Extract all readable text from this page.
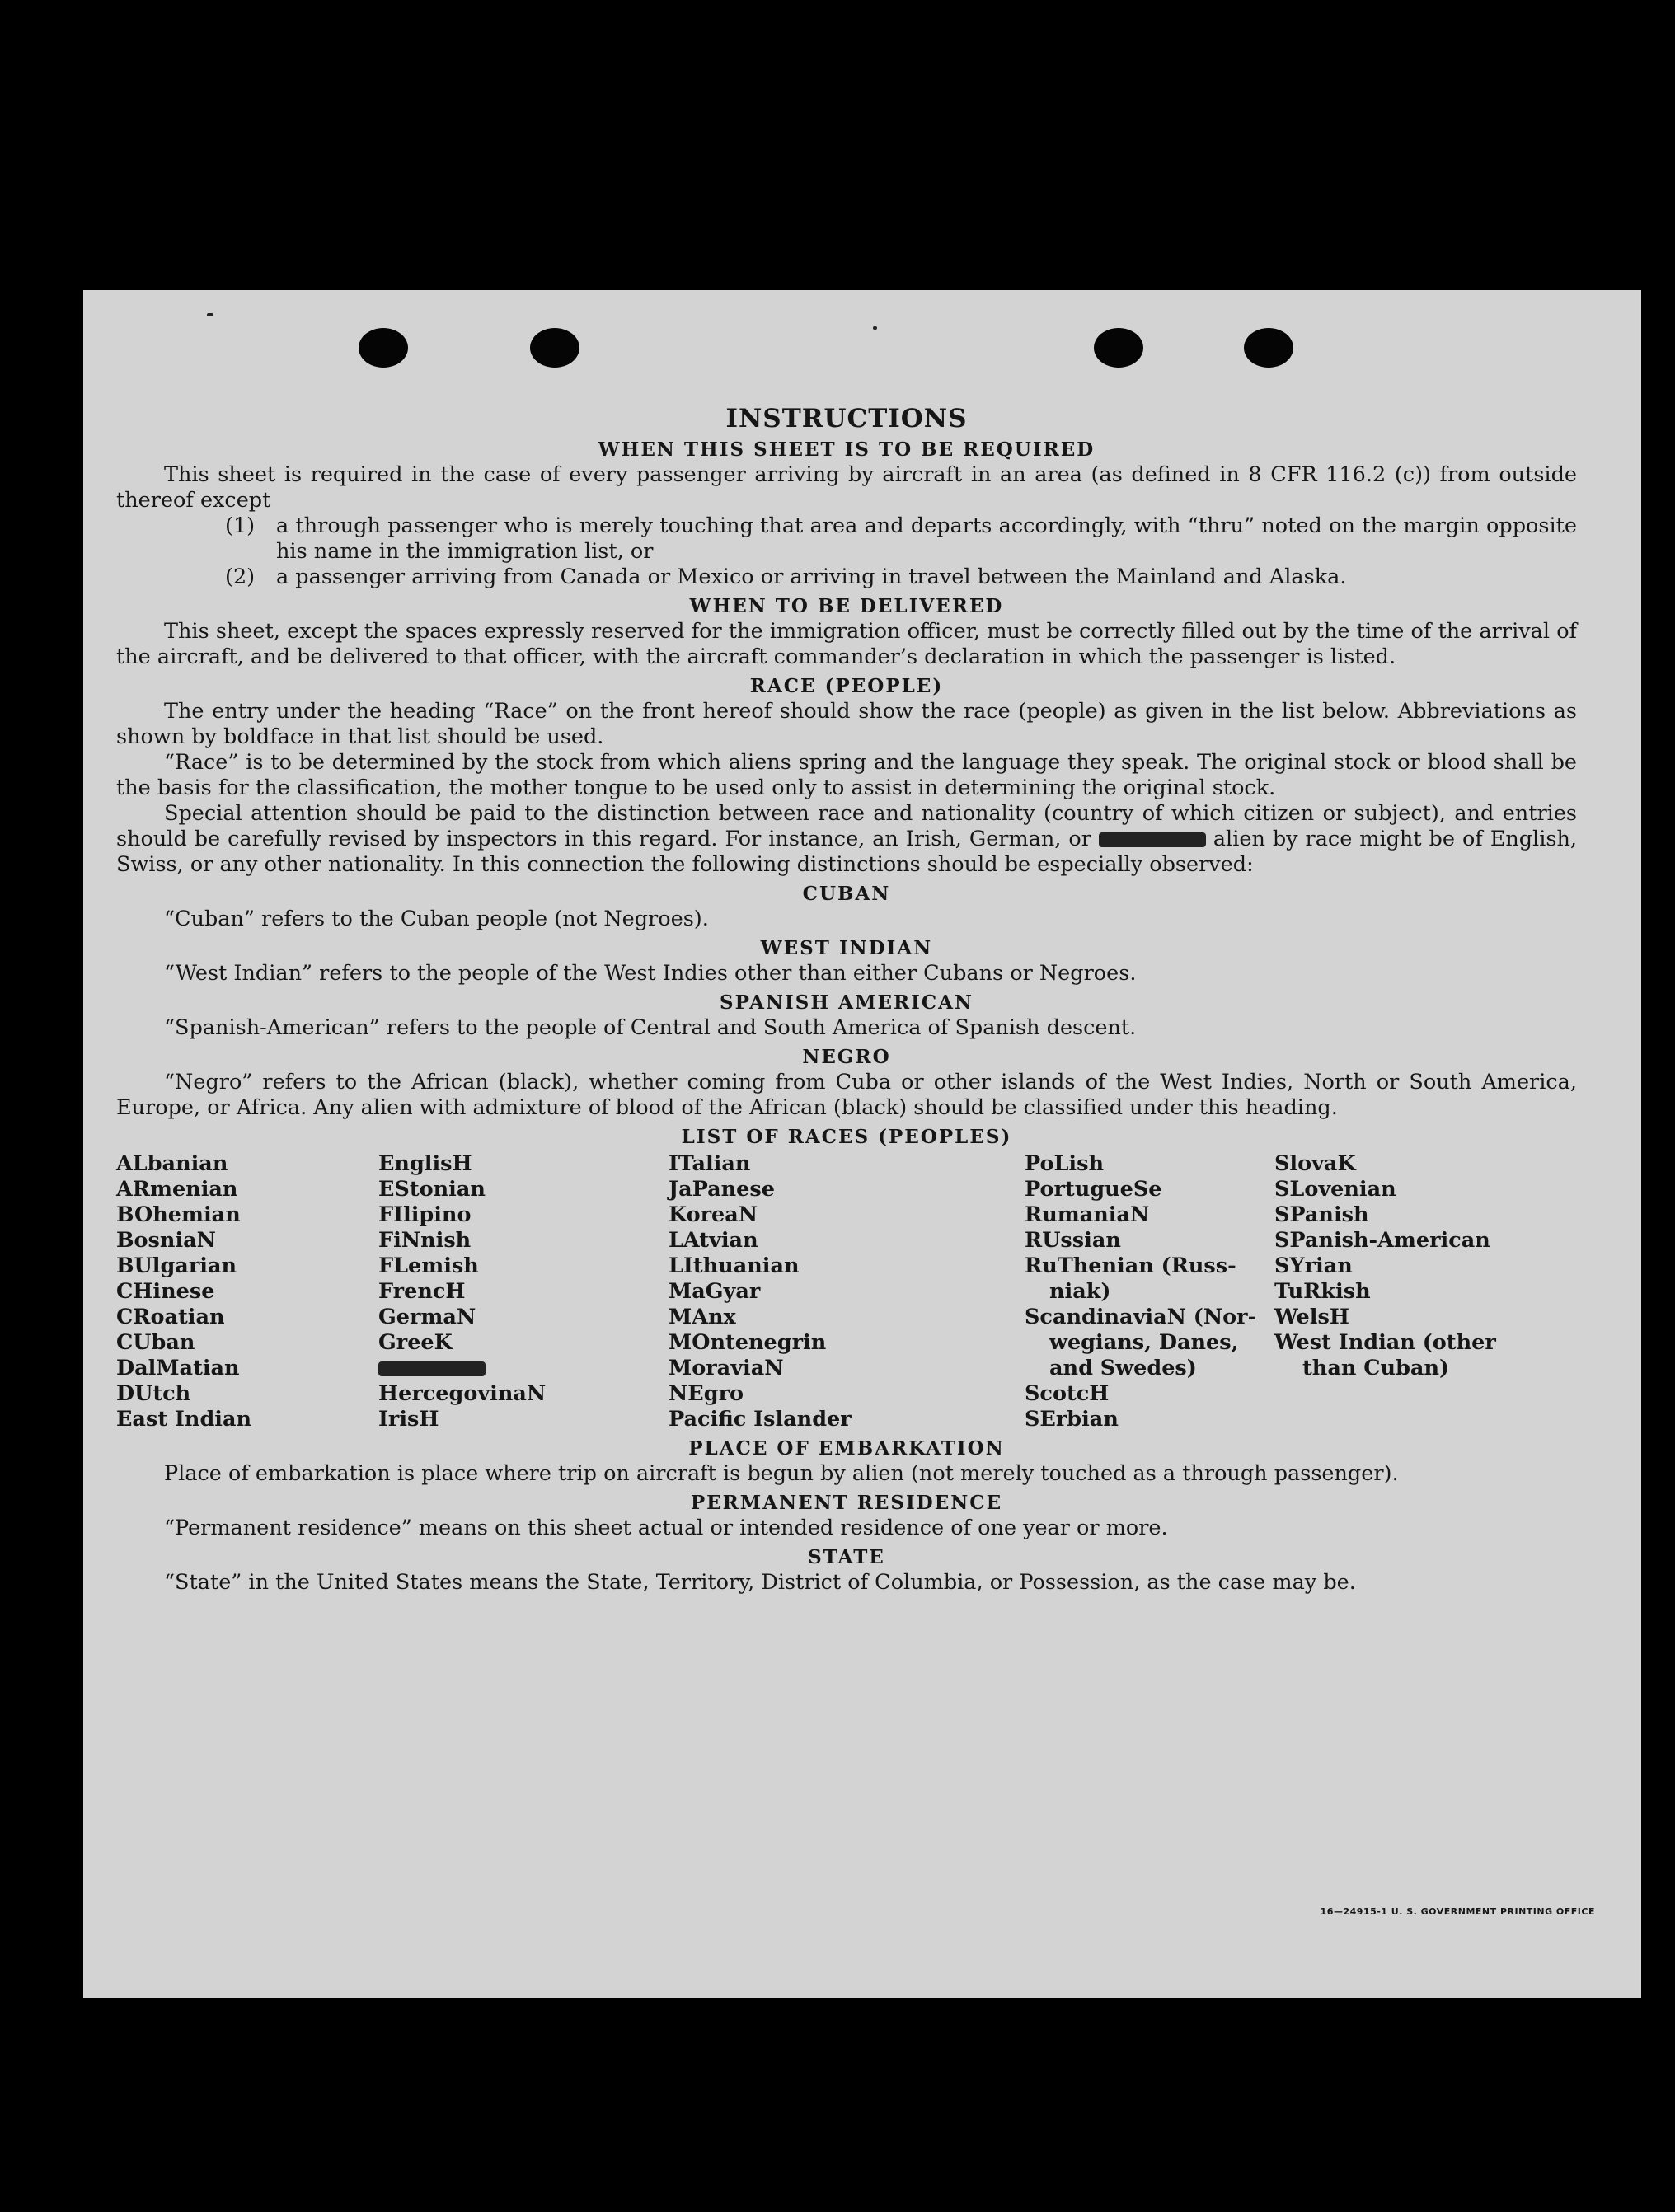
INSTRUCTIONS
WHEN THIS SHEET IS TO BE REQUIRED

This sheet is required in the case of every passenger arriving by aircraft in an area (as defined in 8 CFR 116.2 (c)) from outside thereof except

(1)	a through passenger who is merely touching that area and departs accordingly, with “thru” noted on the margin opposite his name in the immigration list, or
(2)	a passenger arriving from Canada or Mexico or arriving in travel between the Mainland and Alaska.
WHEN TO BE DELIVERED

This sheet, except the spaces expressly reserved for the immigration officer, must be correctly filled out by the time of the arrival of the aircraft, and be delivered to that officer, with the aircraft commander’s declaration in which the passenger is listed.

RACE (PEOPLE)

The entry under the heading “Race” on the front hereof should show the race (people) as given in the list below. Abbreviations as shown by boldface in that list should be used.

“Race” is to be determined by the stock from which aliens spring and the language they speak. The original stock or blood shall be the basis for the classification, the mother tongue to be used only to assist in determining the original stock.

Special attention should be paid to the distinction between race and nationality (country of which citizen or subject), and entries should be carefully revised by inspectors in this regard. For instance, an Irish, German, or	alien by race might be of English, Swiss, or any other nationality. In this connection the following distinctions should be especially observed:

CUBAN

“Cuban” refers to the Cuban people (not Negroes).

WEST INDIAN

“West Indian” refers to the people of the West Indies other than either Cubans or Negroes.

SPANISH AMERICAN

“Spanish-American” refers to the people of Central and South America of Spanish descent.

NEGRO

“Negro” refers to the African (black), whether coming from Cuba or other islands of the West Indies, North or South America, Europe, or Africa. Any alien with admixture of blood of the African (black) should be classified under this heading.

LIST OF RACES (PEOPLES)
ALbanian
ARmenian
BOhemian
BosniaN
BUlgarian
CHinese
CRoatian
CUban
DalMatian
DUtch
East Indian
EnglisH
EStonian
FIlipino
FiNnish
FLemish
FrencH
GermaN
GreeK
HercegovinaN
IrisH
ITalian
JaPanese
KoreaN
LAtvian
LIthuanian
MaGyar
MAnx
MOntenegrin
MoraviaN
NEgro
Pacific Islander
PoLish
PortugueSe
RumaniaN
RUssian
RuThenian (Russ-
niak)
ScandinaviaN (Nor-
wegians, Danes,
and Swedes)
ScotcH
SErbian
SlovaK
SLovenian
SPanish
SPanish-American
SYrian
TuRkish
WelsH
West Indian (other
than Cuban)
PLACE OF EMBARKATION

Place of embarkation is place where trip on aircraft is begun by alien (not merely touched as a through passenger).

PERMANENT RESIDENCE

“Permanent residence” means on this sheet actual or intended residence of one year or more.

STATE

“State” in the United States means the State, Territory, District of Columbia, or Possession, as the case may be.

16—24915-1 U. S. GOVERNMENT PRINTING OFFICE
